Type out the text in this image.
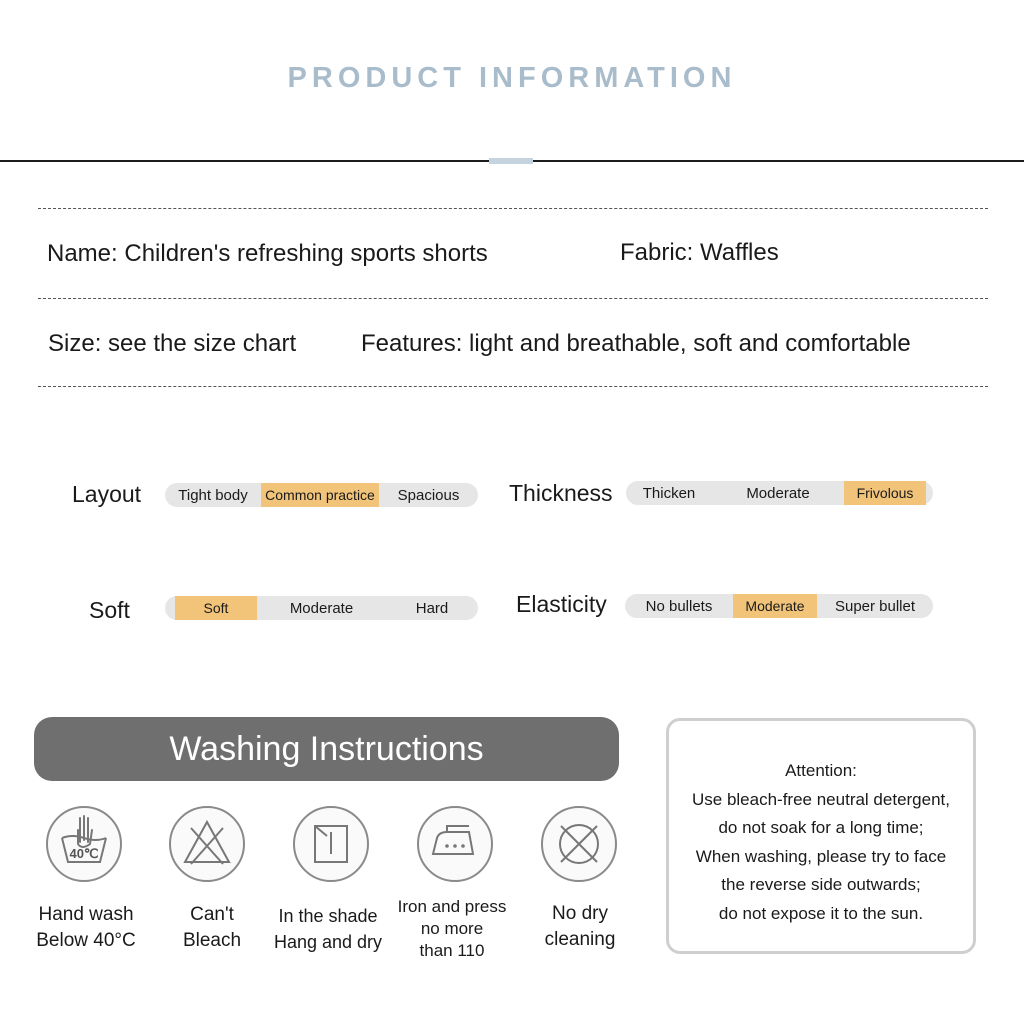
PRODUCT INFORMATION
Name: Children's refreshing sports shorts	Fabric: Waffles
Size: see the size chart	Features: light and breathable, soft and comfortable
Layout	Tight body	Common practice	Spacious	Thickness	Thicken	Moderate	Frivolous
Soft	Soft	Moderate	Hard	Elasticity	No bullets	Moderate	Super bullet
Washing Instructions
40℃
Hand wash
Below 40°C
Can't
Bleach
In the shade
Hang and dry
Iron and press
no more
than 110
No dry
cleaning
Attention:
Use bleach-free neutral detergent,
do not soak for a long time;
When washing, please try to face
the reverse side outwards;
do not expose it to the sun.
